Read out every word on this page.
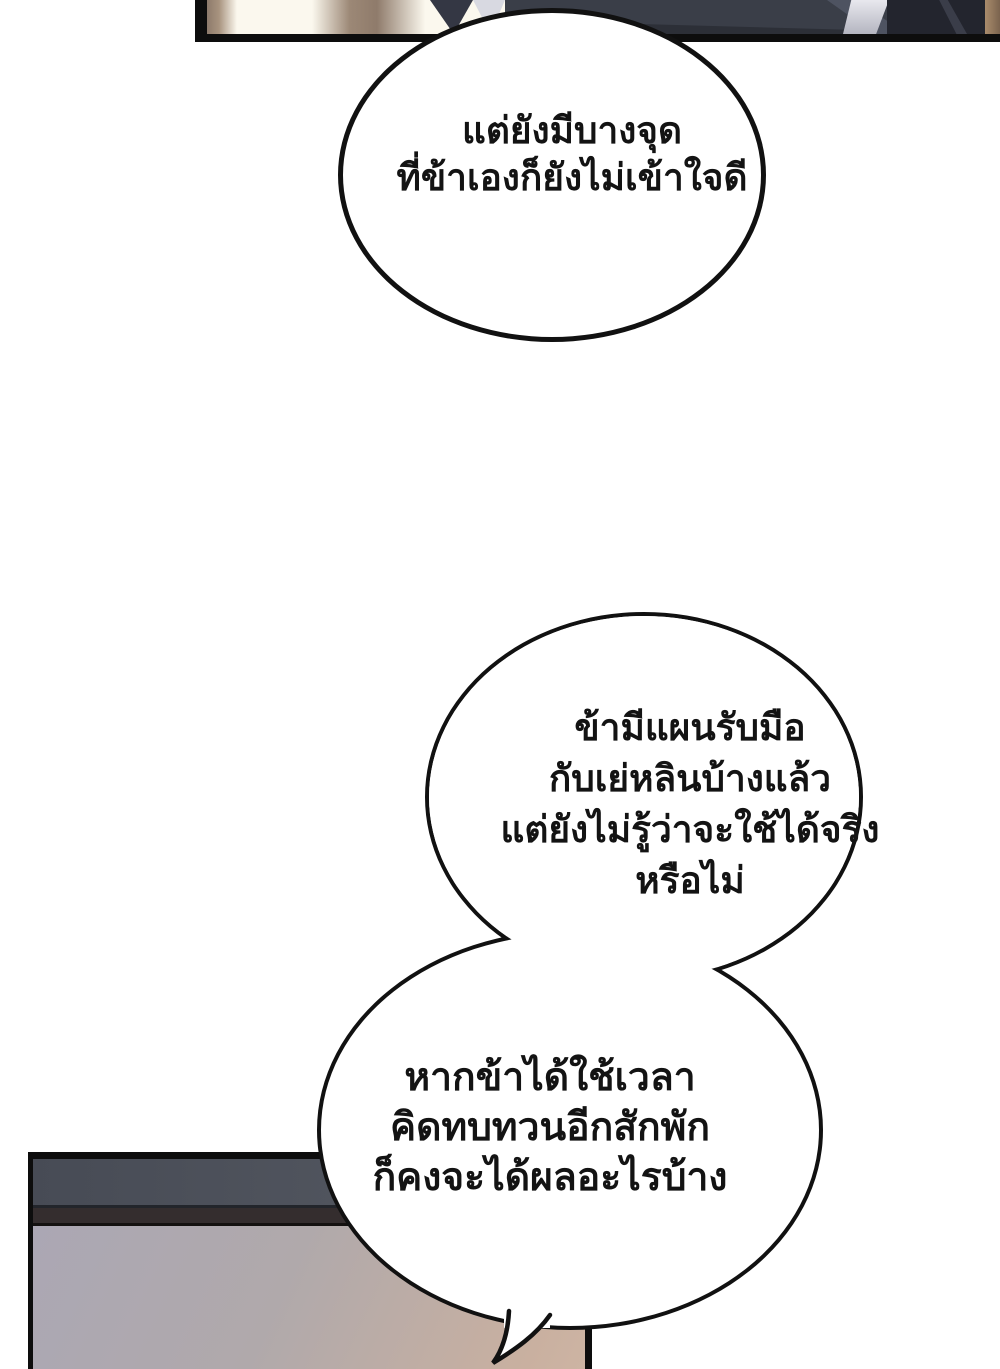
แต่ยังมีบางจุด
ที่ข้าเองก็ยังไม่เข้าใจดี
ข้ามีแผนรับมือ
กับเย่หลินบ้างแล้ว
แต่ยังไม่รู้ว่าจะใช้ได้จริง
หรือไม่
หากข้าได้ใช้เวลา
คิดทบทวนอีกสักพัก
ก็คงจะได้ผลอะไรบ้าง
